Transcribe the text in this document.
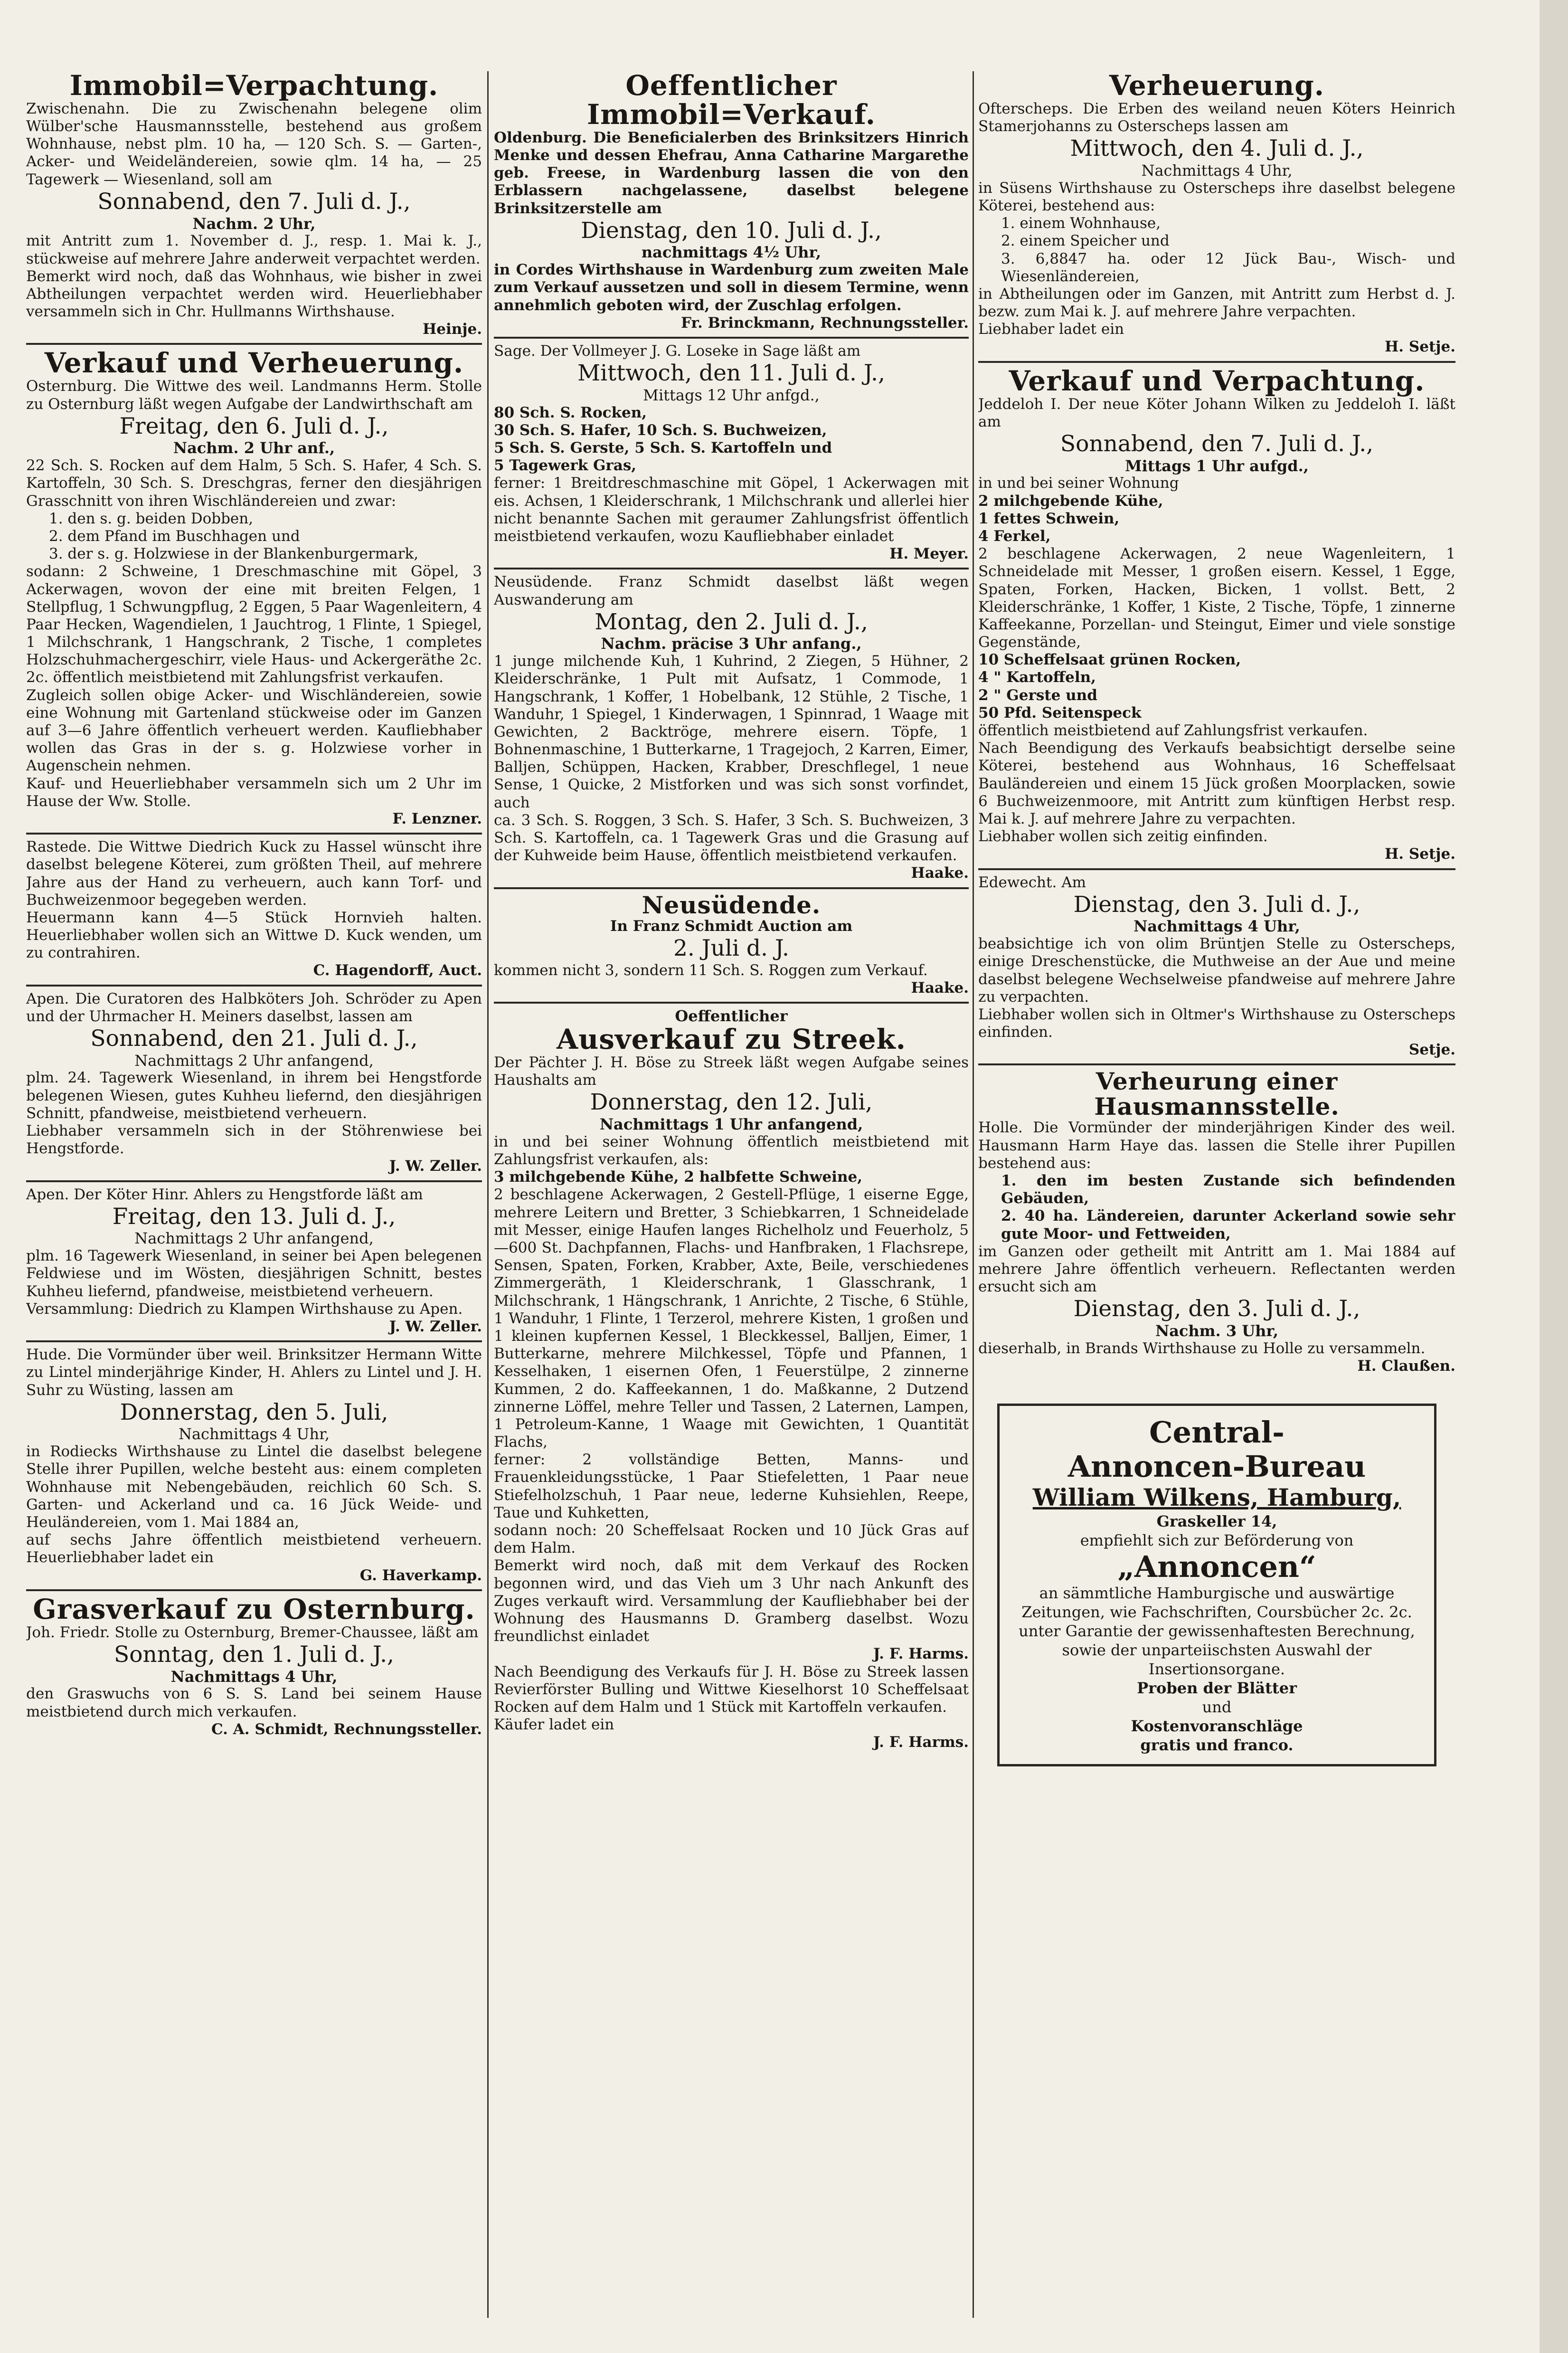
Immobil=Verpachtung.

Zwischenahn. Die zu Zwischenahn belegene olim Wülber'sche Hausmannsstelle, bestehend aus großem Wohnhause, nebst plm. 10 ha, — 120 Sch. S. — Garten-, Acker- und Weideländereien, sowie qlm. 14 ha, — 25 Tagewerk — Wiesenland, soll am

Sonnabend, den 7. Juli d. J.,

Nachm. 2 Uhr,

mit Antritt zum 1. November d. J., resp. 1. Mai k. J., stückweise auf mehrere Jahre anderweit verpachtet werden.

Bemerkt wird noch, daß das Wohnhaus, wie bisher in zwei Abtheilungen verpachtet werden wird. Heuerliebhaber versammeln sich in Chr. Hullmanns Wirthshause.

Heinje.

Verkauf und Verheuerung.

Osternburg. Die Wittwe des weil. Landmanns Herm. Stolle zu Osternburg läßt wegen Aufgabe der Landwirthschaft am

Freitag, den 6. Juli d. J.,

Nachm. 2 Uhr anf.,

22 Sch. S. Rocken auf dem Halm, 5 Sch. S. Hafer, 4 Sch. S. Kartoffeln, 30 Sch. S. Dreschgras, ferner den diesjährigen Grasschnitt von ihren Wischländereien und zwar:

1. den s. g. beiden Dobben,

2. dem Pfand im Buschhagen und

3. der s. g. Holzwiese in der Blankenburgermark,

sodann: 2 Schweine, 1 Dreschmaschine mit Göpel, 3 Ackerwagen, wovon der eine mit breiten Felgen, 1 Stellpflug, 1 Schwungpflug, 2 Eggen, 5 Paar Wagenleitern, 4 Paar Hecken, Wagendielen, 1 Jauchtrog, 1 Flinte, 1 Spiegel, 1 Milchschrank, 1 Hangschrank, 2 Tische, 1 completes Holzschuhmachergeschirr, viele Haus- und Ackergeräthe 2c. 2c. öffentlich meistbietend mit Zahlungsfrist verkaufen.

Zugleich sollen obige Acker- und Wischländereien, sowie eine Wohnung mit Gartenland stückweise oder im Ganzen auf 3—6 Jahre öffentlich verheuert werden. Kaufliebhaber wollen das Gras in der s. g. Holzwiese vorher in Augenschein nehmen.

Kauf- und Heuerliebhaber versammeln sich um 2 Uhr im Hause der Ww. Stolle.

F. Lenzner.

Rastede. Die Wittwe Diedrich Kuck zu Hassel wünscht ihre daselbst belegene Köterei, zum größten Theil, auf mehrere Jahre aus der Hand zu verheuern, auch kann Torf- und Buchweizenmoor begegeben werden.

Heuermann kann 4—5 Stück Hornvieh halten. Heuerliebhaber wollen sich an Wittwe D. Kuck wenden, um zu contrahiren.

C. Hagendorff, Auct.

Apen. Die Curatoren des Halbköters Joh. Schröder zu Apen und der Uhrmacher H. Meiners daselbst, lassen am

Sonnabend, den 21. Juli d. J.,

Nachmittags 2 Uhr anfangend,

plm. 24. Tagewerk Wiesenland, in ihrem bei Hengstforde belegenen Wiesen, gutes Kuhheu liefernd, den diesjährigen Schnitt, pfandweise, meistbietend verheuern.

Liebhaber versammeln sich in der Stöhrenwiese bei Hengstforde.

J. W. Zeller.

Apen. Der Köter Hinr. Ahlers zu Hengstforde läßt am

Freitag, den 13. Juli d. J.,

Nachmittags 2 Uhr anfangend,

plm. 16 Tagewerk Wiesenland, in seiner bei Apen belegenen Feldwiese und im Wösten, diesjährigen Schnitt, bestes Kuhheu liefernd, pfandweise, meistbietend verheuern.

Versammlung: Diedrich zu Klampen Wirthshause zu Apen.

J. W. Zeller.

Hude. Die Vormünder über weil. Brinksitzer Hermann Witte zu Lintel minderjährige Kinder, H. Ahlers zu Lintel und J. H. Suhr zu Wüsting, lassen am

Donnerstag, den 5. Juli,

Nachmittags 4 Uhr,

in Rodiecks Wirthshause zu Lintel die daselbst belegene Stelle ihrer Pupillen, welche besteht aus: einem completen Wohnhause mit Nebengebäuden, reichlich 60 Sch. S. Garten- und Ackerland und ca. 16 Jück Weide- und Heuländereien, vom 1. Mai 1884 an,

auf sechs Jahre öffentlich meistbietend verheuern. Heuerliebhaber ladet ein

G. Haverkamp.

Grasverkauf zu Osternburg.

Joh. Friedr. Stolle zu Osternburg, Bremer-Chaussee, läßt am

Sonntag, den 1. Juli d. J.,

Nachmittags 4 Uhr,

den Graswuchs von 6 S. S. Land bei seinem Hause meistbietend durch mich verkaufen.

C. A. Schmidt, Rechnungssteller.

Oeffentlicher Immobil=Verkauf.

Oldenburg. Die Beneficialerben des Brinksitzers Hinrich Menke und dessen Ehefrau, Anna Catharine Margarethe geb. Freese, in Wardenburg lassen die von den Erblassern nachgelassene, daselbst belegene Brinksitzerstelle am

Dienstag, den 10. Juli d. J.,

nachmittags 4½ Uhr,

in Cordes Wirthshause in Wardenburg zum zweiten Male zum Verkauf aussetzen und soll in diesem Termine, wenn annehmlich geboten wird, der Zuschlag erfolgen.

Fr. Brinckmann, Rechnungssteller.

Sage. Der Vollmeyer J. G. Loseke in Sage läßt am

Mittwoch, den 11. Juli d. J.,

Mittags 12 Uhr anfgd.,

80 Sch. S. Rocken,

30 Sch. S. Hafer, 10 Sch. S. Buchweizen,

5 Sch. S. Gerste, 5 Sch. S. Kartoffeln und

5 Tagewerk Gras,

ferner: 1 Breitdreschmaschine mit Göpel, 1 Ackerwagen mit eis. Achsen, 1 Kleiderschrank, 1 Milchschrank und allerlei hier nicht benannte Sachen mit geraumer Zahlungsfrist öffentlich meistbietend verkaufen, wozu Kaufliebhaber einladet

H. Meyer.

Neusüdende. Franz Schmidt daselbst läßt wegen Auswanderung am

Montag, den 2. Juli d. J.,

Nachm. präcise 3 Uhr anfang.,

1 junge milchende Kuh, 1 Kuhrind, 2 Ziegen, 5 Hühner, 2 Kleiderschränke, 1 Pult mit Aufsatz, 1 Commode, 1 Hangschrank, 1 Koffer, 1 Hobelbank, 12 Stühle, 2 Tische, 1 Wanduhr, 1 Spiegel, 1 Kinderwagen, 1 Spinnrad, 1 Waage mit Gewichten, 2 Backtröge, mehrere eisern. Töpfe, 1 Bohnenmaschine, 1 Butterkarne, 1 Tragejoch, 2 Karren, Eimer, Balljen, Schüppen, Hacken, Krabber, Dreschflegel, 1 neue Sense, 1 Quicke, 2 Mistforken und was sich sonst vorfindet, auch

ca. 3 Sch. S. Roggen, 3 Sch. S. Hafer, 3 Sch. S. Buchweizen, 3 Sch. S. Kartoffeln, ca. 1 Tagewerk Gras und die Grasung auf der Kuhweide beim Hause, öffentlich meistbietend verkaufen.

Haake.

Neusüdende.

In Franz Schmidt Auction am

2. Juli d. J.

kommen nicht 3, sondern 11 Sch. S. Roggen zum Verkauf.

Haake.

Oeffentlicher

Ausverkauf zu Streek.

Der Pächter J. H. Böse zu Streek läßt wegen Aufgabe seines Haushalts am

Donnerstag, den 12. Juli,

Nachmittags 1 Uhr anfangend,

in und bei seiner Wohnung öffentlich meistbietend mit Zahlungsfrist verkaufen, als:

3 milchgebende Kühe, 2 halbfette Schweine,

2 beschlagene Ackerwagen, 2 Gestell-Pflüge, 1 eiserne Egge, mehrere Leitern und Bretter, 3 Schiebkarren, 1 Schneidelade mit Messer, einige Haufen langes Richelholz und Feuerholz, 5—600 St. Dachpfannen, Flachs- und Hanfbraken, 1 Flachsrepe, Sensen, Spaten, Forken, Krabber, Axte, Beile, verschiedenes Zimmergeräth, 1 Kleiderschrank, 1 Glasschrank, 1 Milchschrank, 1 Hängschrank, 1 Anrichte, 2 Tische, 6 Stühle, 1 Wanduhr, 1 Flinte, 1 Terzerol, mehrere Kisten, 1 großen und 1 kleinen kupfernen Kessel, 1 Bleckkessel, Balljen, Eimer, 1 Butterkarne, mehrere Milchkessel, Töpfe und Pfannen, 1 Kesselhaken, 1 eisernen Ofen, 1 Feuerstülpe, 2 zinnerne Kummen, 2 do. Kaffeekannen, 1 do. Maßkanne, 2 Dutzend zinnerne Löffel, mehre Teller und Tassen, 2 Laternen, Lampen, 1 Petroleum-Kanne, 1 Waage mit Gewichten, 1 Quantität Flachs,

ferner: 2 vollständige Betten, Manns- und Frauenkleidungsstücke, 1 Paar Stiefeletten, 1 Paar neue Stiefelholzschuh, 1 Paar neue, lederne Kuhsiehlen, Reepe, Taue und Kuhketten,

sodann noch: 20 Scheffelsaat Rocken und 10 Jück Gras auf dem Halm.

Bemerkt wird noch, daß mit dem Verkauf des Rocken begonnen wird, und das Vieh um 3 Uhr nach Ankunft des Zuges verkauft wird. Versammlung der Kaufliebhaber bei der Wohnung des Hausmanns D. Gramberg daselbst. Wozu freundlichst einladet

J. F. Harms.

Nach Beendigung des Verkaufs für J. H. Böse zu Streek lassen Revierförster Bulling und Wittwe Kieselhorst 10 Scheffelsaat Rocken auf dem Halm und 1 Stück mit Kartoffeln verkaufen.

Käufer ladet ein

J. F. Harms.

Verheuerung.

Ofterscheps. Die Erben des weiland neuen Köters Heinrich Stamerjohanns zu Osterscheps lassen am

Mittwoch, den 4. Juli d. J.,

Nachmittags 4 Uhr,

in Süsens Wirthshause zu Osterscheps ihre daselbst belegene Köterei, bestehend aus:

1. einem Wohnhause,

2. einem Speicher und

3. 6,8847 ha. oder 12 Jück Bau-, Wisch- und Wiesenländereien,

in Abtheilungen oder im Ganzen, mit Antritt zum Herbst d. J. bezw. zum Mai k. J. auf mehrere Jahre verpachten.

Liebhaber ladet ein

H. Setje.

Verkauf und Verpachtung.

Jeddeloh I. Der neue Köter Johann Wilken zu Jeddeloh I. läßt am

Sonnabend, den 7. Juli d. J.,

Mittags 1 Uhr aufgd.,

in und bei seiner Wohnung

2 milchgebende Kühe,

1 fettes Schwein,

4 Ferkel,

2 beschlagene Ackerwagen, 2 neue Wagenleitern, 1 Schneidelade mit Messer, 1 großen eisern. Kessel, 1 Egge, Spaten, Forken, Hacken, Bicken, 1 vollst. Bett, 2 Kleiderschränke, 1 Koffer, 1 Kiste, 2 Tische, Töpfe, 1 zinnerne Kaffeekanne, Porzellan- und Steingut, Eimer und viele sonstige Gegenstände,

10 Scheffelsaat grünen Rocken,

4 " Kartoffeln,

2 " Gerste und

50 Pfd. Seitenspeck

öffentlich meistbietend auf Zahlungsfrist verkaufen.

Nach Beendigung des Verkaufs beabsichtigt derselbe seine Köterei, bestehend aus Wohnhaus, 16 Scheffelsaat Bauländereien und einem 15 Jück großen Moorplacken, sowie 6 Buchweizenmoore, mit Antritt zum künftigen Herbst resp. Mai k. J. auf mehrere Jahre zu verpachten.

Liebhaber wollen sich zeitig einfinden.

H. Setje.

Edewecht. Am

Dienstag, den 3. Juli d. J.,

Nachmittags 4 Uhr,

beabsichtige ich von olim Brüntjen Stelle zu Osterscheps, einige Dreschenstücke, die Muthweise an der Aue und meine daselbst belegene Wechselweise pfandweise auf mehrere Jahre zu verpachten.

Liebhaber wollen sich in Oltmer's Wirthshause zu Osterscheps einfinden.

Setje.

Verheurung einer Hausmannsstelle.

Holle. Die Vormünder der minderjährigen Kinder des weil. Hausmann Harm Haye das. lassen die Stelle ihrer Pupillen bestehend aus:

1. den im besten Zustande sich befindenden Gebäuden,

2. 40 ha. Ländereien, darunter Ackerland sowie sehr gute Moor- und Fettweiden,

im Ganzen oder getheilt mit Antritt am 1. Mai 1884 auf mehrere Jahre öffentlich verheuern. Reflectanten werden ersucht sich am

Dienstag, den 3. Juli d. J.,

Nachm. 3 Uhr,

dieserhalb, in Brands Wirthshause zu Holle zu versammeln.

H. Claußen.

Central-
Annoncen-Bureau
William Wilkens, Hamburg,
Graskeller 14,
empfiehlt sich zur Beförderung von
„Annoncen“
an sämmtliche Hamburgische und auswärtige Zeitungen, wie Fachschriften, Coursbücher 2c. 2c. unter Garantie der gewissenhaftesten Berechnung, sowie der unparteiischsten Auswahl der Insertionsorgane.
Proben der Blätter
und
Kostenvoranschläge
gratis und franco.
